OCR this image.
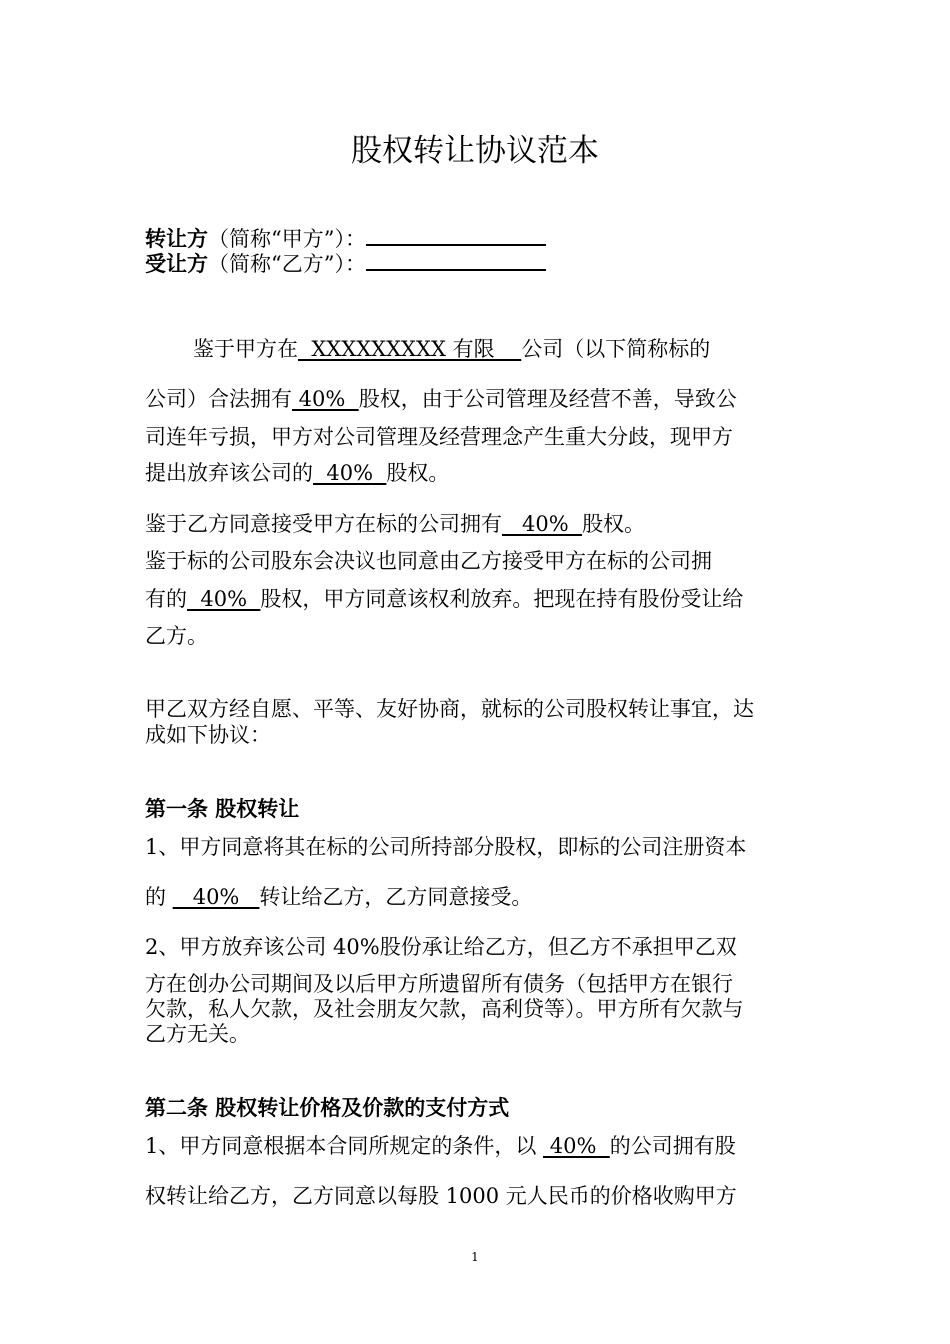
股权转让协议范本
转让方（简称“甲方”）：
受让方（简称“乙方”）：
鉴于甲方在  XXXXXXXXX 有限    公司（以下简称标的
公司）合法拥有 40%  股权，由于公司管理及经营不善，导致公
司连年亏损，甲方对公司管理及经营理念产生重大分歧，现甲方
提出放弃该公司的  40%  股权。
鉴于乙方同意接受甲方在标的公司拥有   40%  股权。
鉴于标的公司股东会决议也同意由乙方接受甲方在标的公司拥
有的  40%  股权，甲方同意该权利放弃。把现在持有股份受让给
乙方。
甲乙双方经自愿、平等、友好协商，就标的公司股权转让事宜，达
成如下协议：
第一条 股权转让
1、甲方同意将其在标的公司所持部分股权，即标的公司注册资本
的    40%   转让给乙方，乙方同意接受。
2、甲方放弃该公司 40%股份承让给乙方，但乙方不承担甲乙双
方在创办公司期间及以后甲方所遗留所有债务（包括甲方在银行
欠款，私人欠款，及社会朋友欠款，高利贷等）。甲方所有欠款与
乙方无关。
第二条 股权转让价格及价款的支付方式
1、甲方同意根据本合同所规定的条件，以  40%  的公司拥有股
权转让给乙方，乙方同意以每股 1000 元人民币的价格收购甲方
1
